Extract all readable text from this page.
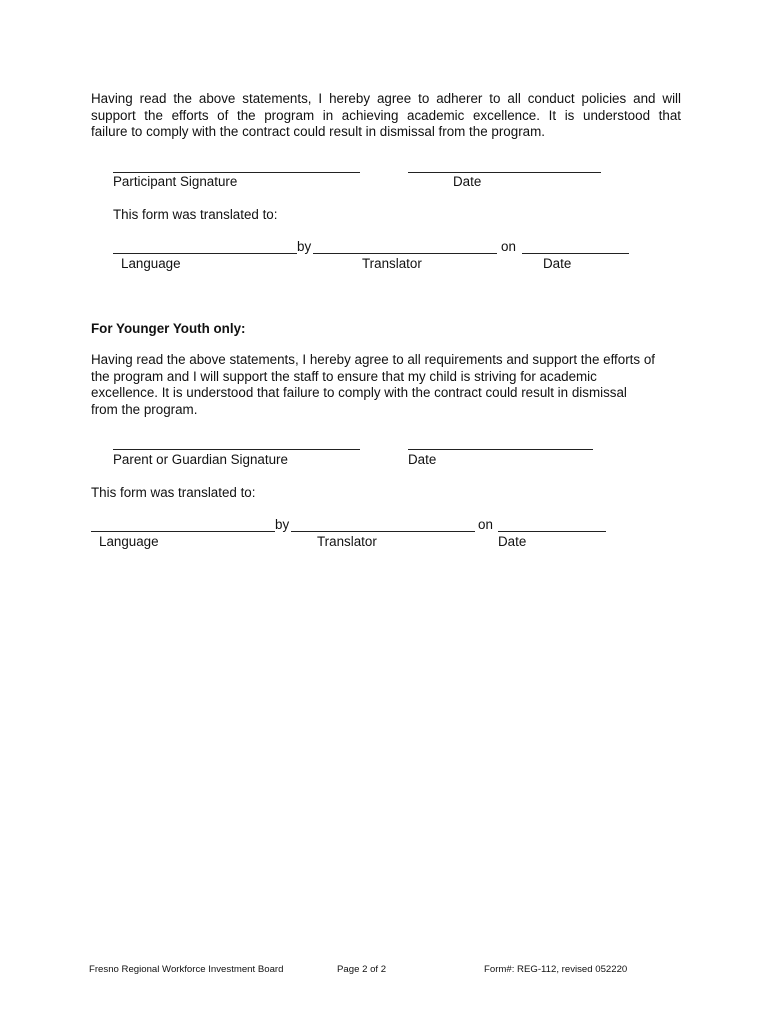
Having read the above statements, I hereby agree to adherer to all conduct policies and will
support the efforts of the program in achieving academic excellence. It is understood that
failure to comply with the contract could result in dismissal from the program.
Participant Signature	Date
This form was translated to:
by	on
Language	Translator	Date
For Younger Youth only:
Having read the above statements, I hereby agree to all requirements and support the efforts of
the program and I will support the staff to ensure that my child is striving for academic
excellence. It is understood that failure to comply with the contract could result in dismissal
from the program.
Parent or Guardian Signature	Date
This form was translated to:
by	on
Language	Translator	Date
Fresno Regional Workforce Investment Board	Page 2 of 2	Form#: REG-112, revised 052220
